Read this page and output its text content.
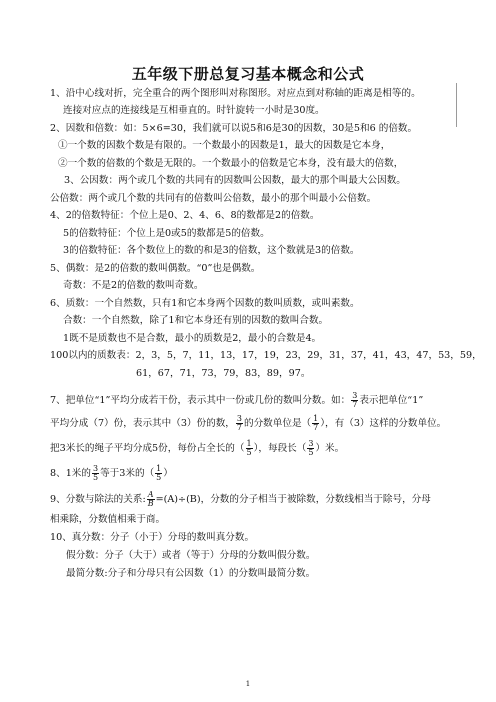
五年级下册总复习基本概念和公式
1、沿中心线对折，完全重合的两个图形叫对称图形。对应点到对称轴的距离是相等的。
连接对应点的连接线是互相垂直的。时针旋转一小时是30度。
2、因数和倍数：如：5×6=30，我们就可以说5和6是30的因数，30是5和6 的倍数。
①一个数的因数个数是有限的。一个数最小的因数是1，最大的因数是它本身，
②一个数的倍数的个数是无限的。一个数最小的倍数是它本身，没有最大的倍数，
3、公因数：两个或几个数的共同有的因数叫公因数，最大的那个叫最大公因数。
公倍数：两个或几个数的共同有的倍数叫公倍数，最小的那个叫最小公倍数。
4、2的倍数特征：个位上是0、2、4、6、8的数都是2的倍数。
5的倍数特征：个位上是0或5的数都是5的倍数。
3的倍数特征：各个数位上的数的和是3的倍数，这个数就是3的倍数。
5、偶数：是2的倍数的数叫偶数。“0”也是偶数。
奇数：不是2的倍数的数叫奇数。
6、质数：一个自然数，只有1和它本身两个因数的数叫质数，或叫素数。
合数：一个自然数，除了1和它本身还有别的因数的数叫合数。
1既不是质数也不是合数，最小的质数是2，最小的合数是4。
100以内的质数表：2，3，5，7，11，13，17，19，23，29，31，37，41，43，47，53，59，
61，67，71，73，79，83，89，97。
7、把单位“1”平均分成若干份，表示其中一份或几份的数叫分数。如： $\frac{3}{7}$ 表示把单位“1”
平均分成（7）份，表示其中（3）份的数， $\frac{3}{7}$ 的分数单位是（ $\frac{1}{7}$ ），有（3）这样的分数单位。
把3米长的绳子平均分成5份，每份占全长的（ $\frac{1}{5}$ ），每段长（ $\frac{3}{5}$ ）米。
8、1米的 $\frac{3}{5}$ 等于3米的（ $\frac{1}{5}$ ）
9、分数与除法的关系: $\frac{A}{B} =(A)\div(B)$，分数的分子相当于被除数，分数线相当于除号，分母
相乘除，分数值相乘于商。
10、真分数：分子（小于）分母的数叫真分数。
假分数：分子（大于）或者（等于）分母的分数叫假分数。
最简分数:分子和分母只有公因数（1）的分数叫最简分数。
1
